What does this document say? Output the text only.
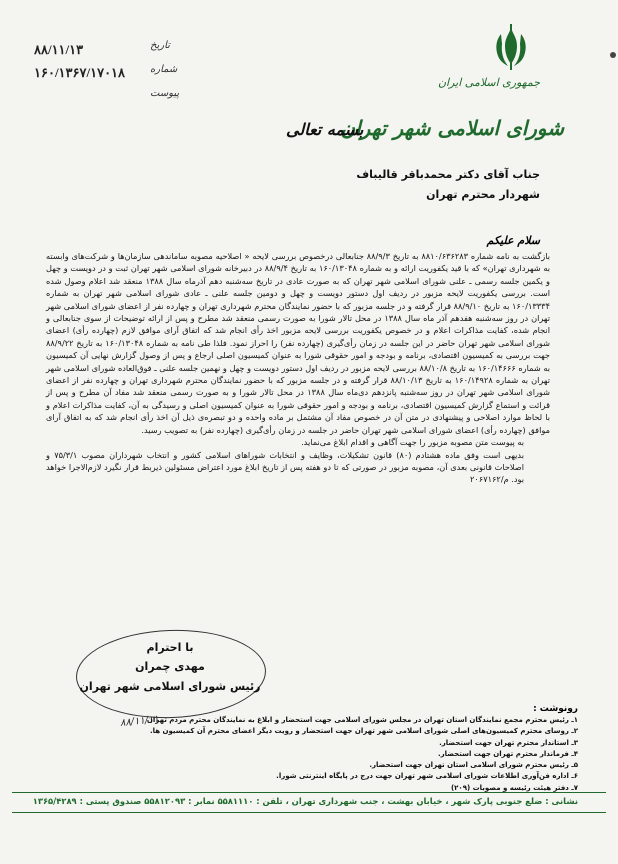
۸۸/۱۱/۱۳
۱۶۰/۱۳۶۷/۱۷۰۱۸
تاریخ
شماره
پیوست
جمهوری اسلامی ایران
شورای اسلامی شهر تهران
بسمه تعالی
جناب آقای دکتر محمدباقر قالیباف
شهردار محترم تهران
سلام علیکم

بازگشت به نامه شماره ۸۸۱۰/۶۳۶۲۸۳ به تاریخ ۸۸/۹/۳ جنابعالی درخصوص بررسی لایحه « اصلاحیه مصوبه ساماندهی سازمان‌ها و شرکت‌های وابسته به شهرداری تهران» که با قید یکفوریت ارائه و به شماره ۱۶۰/۱۳۰۴۸ به تاریخ ۸۸/۹/۴ در دبیرخانه شورای اسلامی شهر تهران ثبت و در دویست و چهل و یکمین جلسه رسمی ـ علنی شورای اسلامی شهر تهران که به صورت عادی در تاریخ سه‌شنبه دهم آذرماه سال ۱۳۸۸ منعقد شد اعلام وصول شده است. بررسی یکفوریت لایحه مزبور در ردیف اول دستور دویست و چهل و دومین جلسه علنی ـ عادی شورای اسلامی شهر تهران به شماره ۱۶۰/۱۳۳۳۴ به تاریخ ۸۸/۹/۱۰ قرار گرفته و در جلسه مزبور که با حضور نمایندگان محترم شهرداری تهران و چهارده نفر از اعضای شورای اسلامی شهر تهران در روز سه‌شنبه هفدهم آذر ماه سال ۱۳۸۸ در محل تالار شورا به صورت رسمی منعقد شد مطرح و پس از ارائه توضیحات از سوی جنابعالی و انجام شده، کفایت مذاکرات اعلام و در خصوص یکفوریت بررسی لایحه مزبور اخذ رأی انجام شد که اتفاق آرای موافق لازم (چهارده رأی) اعضای شورای اسلامی شهر تهران حاضر در این جلسه در زمان رأی‌گیری (چهارده نفر) را احراز نمود. فلذا طی نامه به شماره ۱۶۰/۱۳۰۴۸ به تاریخ ۸۸/۹/۲۲ جهت بررسی به کمیسیون اقتصادی، برنامه و بودجه و امور حقوقی شورا به عنوان کمیسیون اصلی ارجاع و پس از وصول گزارش نهایی آن کمیسیون به شماره ۱۶۰/۱۴۶۶۶ به تاریخ ۸۸/۱۰/۸ بررسی لایحه مزبور در ردیف اول دستور دویست و چهل و نهمین جلسه علنی ـ فوق‌العاده شورای اسلامی شهر تهران به شماره ۱۶۰/۱۴۹۲۸ به تاریخ ۸۸/۱۰/۱۳ قرار گرفته و در جلسه مزبور که با حضور نمایندگان محترم شهرداری تهران و چهارده نفر از اعضای شورای اسلامی شهر تهران در روز سه‌شنبه پانزدهم دی‌ماه سال ۱۳۸۸ در محل تالار شورا و به صورت رسمی منعقد شد مفاد آن مطرح و پس از قرائت و استماع گزارش کمیسیون اقتصادی، برنامه و بودجه و امور حقوقی شورا به عنوان کمیسیون اصلی و رسیدگی به آن، کفایت مذاکرات اعلام و با لحاظ موارد اصلاحی و پیشنهادی در متن آن در خصوص مفاد آن مشتمل بر ماده واحده و دو تبصره‌ی ذیل آن اخذ رأی انجام شد که به اتفاق آرای موافق (چهارده رأی) اعضای شورای اسلامی شهر تهران حاضر در جلسه در زمان رأی‌گیری (چهارده نفر) به تصویب رسید.

به پیوست متن مصوبه مزبور را جهت آگاهی و اقدام ابلاغ می‌نماید.

بدیهی است وفق ماده هشتادم (۸۰) قانون تشکیلات، وظایف و انتخابات شوراهای اسلامی کشور و انتخاب شهرداران مصوب ۷۵/۳/۱ و اصلاحات قانونی بعدی آن، مصوبه مزبور در صورتی که تا دو هفته پس از تاریخ ابلاغ مورد اعتراض مسئولین ذیربط قرار نگیرد لازم‌الاجرا خواهد بود. م/۲۰۶۷۱۶۲

با احترام
مهدی چمران
رئیس شورای اسلامی شهر تهران
۸۸/۱۱/۱۱
رونوشت :
۱ـ رئیس محترم مجمع نمایندگان استان تهران در مجلس شورای اسلامی جهت استحضار و ابلاغ به نمایندگان محترم مردم تهران
۲ـ روسای محترم کمیسیون‌های اصلی شورای اسلامی شهر تهران جهت استحضار و رویت دیگر اعضای محترم آن کمیسیون ها.
۳ـ استاندار محترم تهران جهت استحضار.
۴ـ فرماندار محترم تهران جهت استحضار.
۵ـ رئیس محترم شورای اسلامی استان تهران جهت استحضار.
۶ـ اداره فن‌آوری اطلاعات شورای اسلامی شهر تهران جهت درج در پایگاه اینترنتی شورا.
۷ـ دفتر هیئت رئیسه و مصوبات (۲۰۹)
نشانی : ضلع جنوبی پارک شهر ، خیابان بهشت ، جنب شهرداری تهران ، تلفن : ۵۵۸۱۱۱۰ نمابر : ۵۵۸۱۲۰۹۳ صندوق پستی : ۱۳۶۵/۴۲۸۹
